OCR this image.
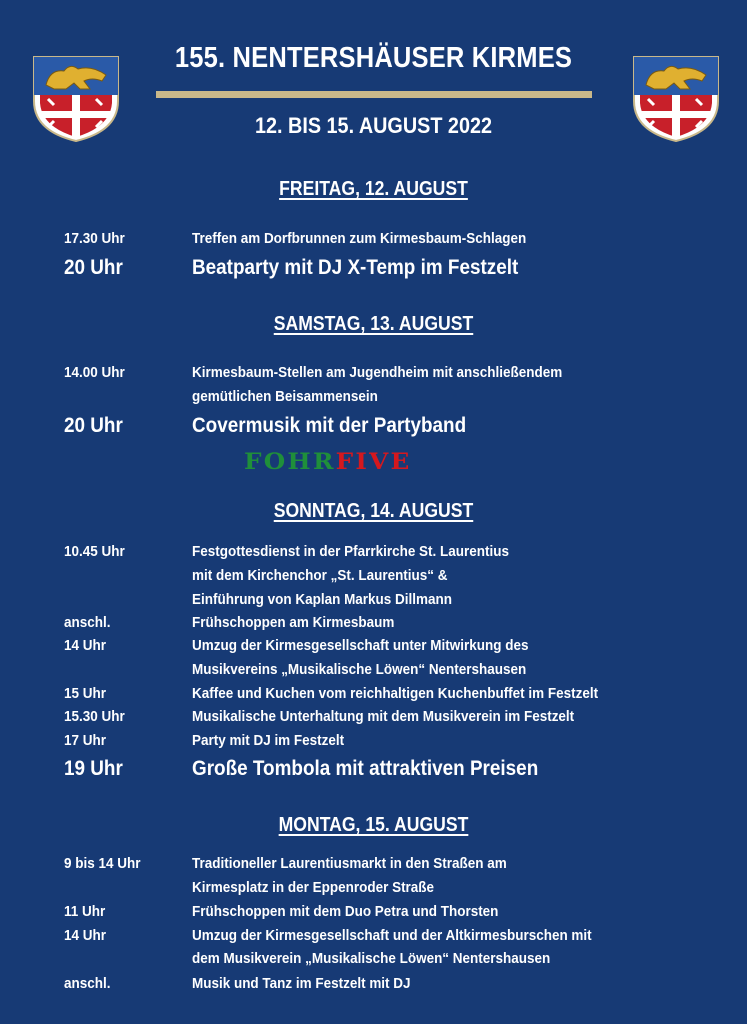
155. NENTERSHÄUSER KIRMES
12. BIS 15. AUGUST 2022
FREITAG, 12. AUGUST
17.30 Uhr	Treffen am Dorfbrunnen zum Kirmesbaum-Schlagen
20 Uhr	Beatparty mit DJ X-Temp im Festzelt
SAMSTAG, 13. AUGUST
14.00 Uhr	Kirmesbaum-Stellen am Jugendheim mit anschließendem
gemütlichen Beisammensein
20 Uhr	Covermusik mit der Partyband
FOHRFIVE
SONNTAG, 14. AUGUST
10.45 Uhr	Festgottesdienst in der Pfarrkirche St. Laurentius
mit dem Kirchenchor „St. Laurentius“ &
Einführung von Kaplan Markus Dillmann
anschl.	Frühschoppen am Kirmesbaum
14 Uhr	Umzug der Kirmesgesellschaft unter Mitwirkung des
Musikvereins „Musikalische Löwen“ Nentershausen
15 Uhr	Kaffee und Kuchen vom reichhaltigen Kuchenbuffet im Festzelt
15.30 Uhr	Musikalische Unterhaltung mit dem Musikverein im Festzelt
17 Uhr	Party mit DJ im Festzelt
19 Uhr	Große Tombola mit attraktiven Preisen
MONTAG, 15. AUGUST
9 bis 14 Uhr	Traditioneller Laurentiusmarkt in den Straßen am
Kirmesplatz in der Eppenroder Straße
11 Uhr	Frühschoppen mit dem Duo Petra und Thorsten
14 Uhr	Umzug der Kirmesgesellschaft und der Altkirmesburschen mit
dem Musikverein „Musikalische Löwen“ Nentershausen
anschl.	Musik und Tanz im Festzelt mit DJ
